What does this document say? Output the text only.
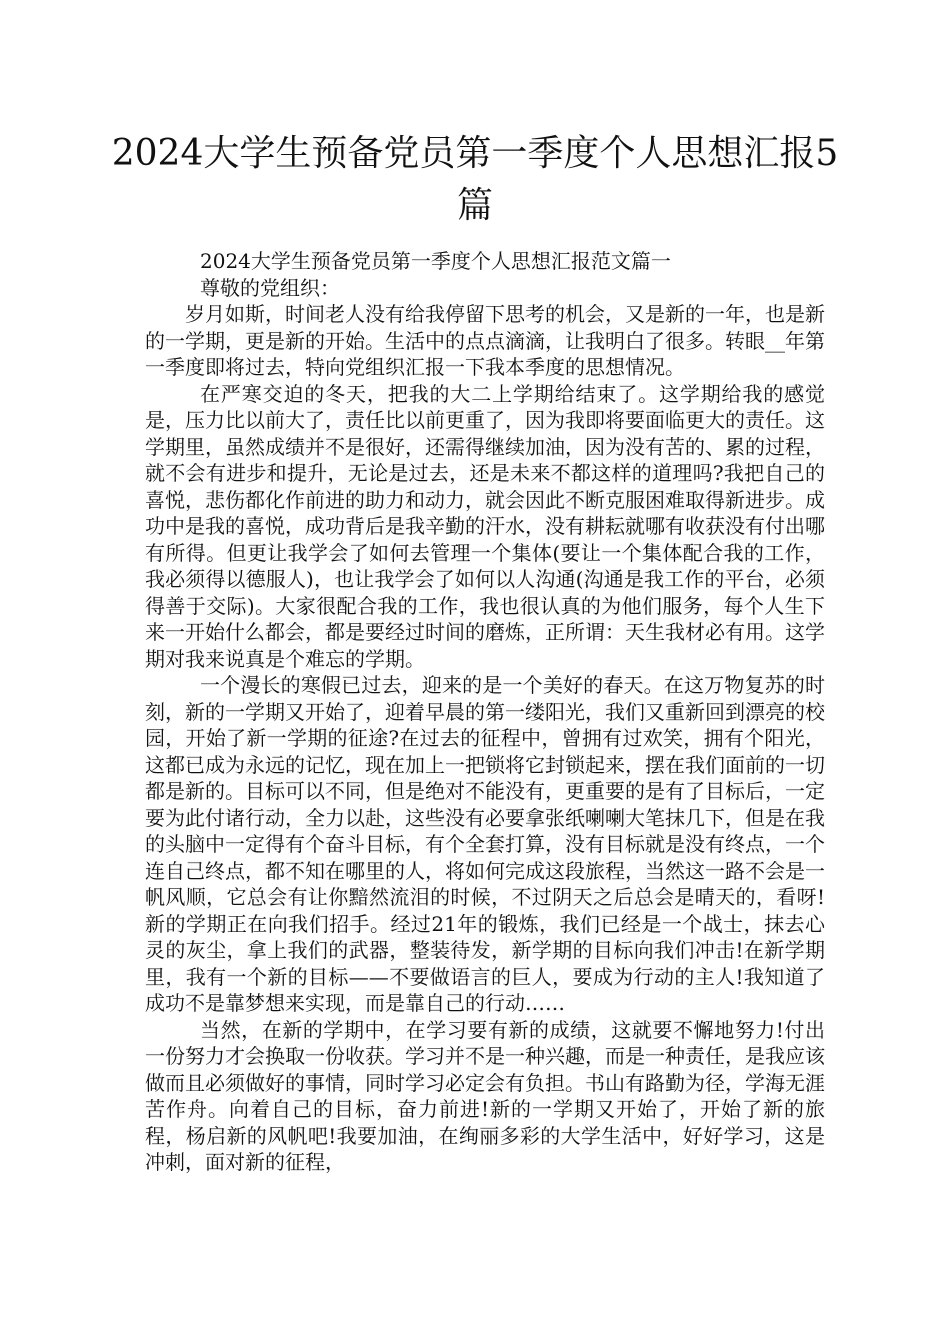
2024大学生预备党员第一季度个人思想汇报5篇

2024大学生预备党员第一季度个人思想汇报范文篇一

尊敬的党组织：

岁月如斯，时间老人没有给我停留下思考的机会，又是新的一年，也是新的一学期，更是新的开始。生活中的点点滴滴，让我明白了很多。转眼__年第一季度即将过去，特向党组织汇报一下我本季度的思想情况。

在严寒交迫的冬天，把我的大二上学期给结束了。这学期给我的感觉是，压力比以前大了，责任比以前更重了，因为我即将要面临更大的责任。这学期里，虽然成绩并不是很好，还需得继续加油，因为没有苦的、累的过程，就不会有进步和提升，无论是过去，还是未来不都这样的道理吗?我把自己的喜悦，悲伤都化作前进的助力和动力，就会因此不断克服困难取得新进步。成功中是我的喜悦，成功背后是我辛勤的汗水，没有耕耘就哪有收获没有付出哪有所得。但更让我学会了如何去管理一个集体(要让一个集体配合我的工作，我必须得以德服人)，也让我学会了如何以人沟通(沟通是我工作的平台，必须得善于交际)。大家很配合我的工作，我也很认真的为他们服务，每个人生下来一开始什么都会，都是要经过时间的磨炼，正所谓：天生我材必有用。这学期对我来说真是个难忘的学期。

一个漫长的寒假已过去，迎来的是一个美好的春天。在这万物复苏的时刻，新的一学期又开始了，迎着早晨的第一缕阳光，我们又重新回到漂亮的校园，开始了新一学期的征途?在过去的征程中，曾拥有过欢笑，拥有个阳光，这都已成为永远的记忆，现在加上一把锁将它封锁起来，摆在我们面前的一切都是新的。目标可以不同，但是绝对不能没有，更重要的是有了目标后，一定要为此付诸行动，全力以赴，这些没有必要拿张纸喇喇大笔抹几下，但是在我的头脑中一定得有个奋斗目标，有个全套打算，没有目标就是没有终点，一个连自己终点，都不知在哪里的人，将如何完成这段旅程，当然这一路不会是一帆风顺，它总会有让你黯然流泪的时候，不过阴天之后总会是晴天的，看呀!新的学期正在向我们招手。经过21年的锻炼，我们已经是一个战士，抹去心灵的灰尘，拿上我们的武器，整装待发，新学期的目标向我们冲击!在新学期里，我有一个新的目标——不要做语言的巨人，要成为行动的主人!我知道了成功不是靠梦想来实现，而是靠自己的行动……

当然，在新的学期中，在学习要有新的成绩，这就要不懈地努力!付出一份努力才会换取一份收获。学习并不是一种兴趣，而是一种责任，是我应该做而且必须做好的事情，同时学习必定会有负担。书山有路勤为径，学海无涯苦作舟。向着自己的目标，奋力前进!新的一学期又开始了，开始了新的旅程，杨启新的风帆吧!我要加油，在绚丽多彩的大学生活中，好好学习，这是冲刺，面对新的征程，
